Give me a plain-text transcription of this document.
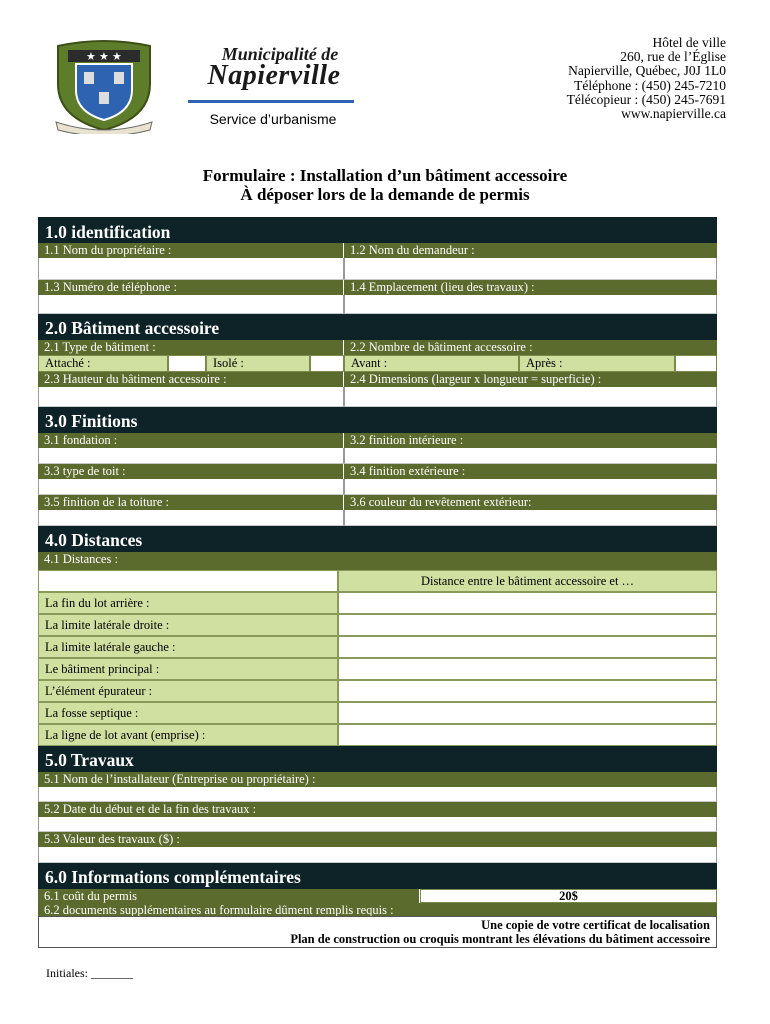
★ ★ ★	Municipalité de
Napierville
Service d’urbanisme
Hôtel de ville
260, rue de l’Église
Napierville, Québec, J0J 1L0
Téléphone : (450) 245-7210
Télécopieur : (450) 245-7691
www.napierville.ca
Formulaire : Installation d’un bâtiment accessoire
À déposer lors de la demande de permis
1.0 identification
1.1 Nom du propriétaire :	1.2 Nom du demandeur :
1.3 Numéro de téléphone :	1.4 Emplacement (lieu des travaux) :
2.0 Bâtiment accessoire
2.1 Type de bâtiment :	2.2 Nombre de bâtiment accessoire :
Attaché :	Isolé :	Avant :	Après :
2.3 Hauteur du bâtiment accessoire :	2.4 Dimensions (largeur x longueur = superficie) :
3.0 Finitions
3.1 fondation :	3.2 finition intérieure :
3.3 type de toit :	3.4 finition extérieure :
3.5 finition de la toiture :	3.6 couleur du revêtement extérieur:
4.0 Distances
4.1 Distances :
Distance entre le bâtiment accessoire et …
La fin du lot arrière :
La limite latérale droite :
La limite latérale gauche :
Le bâtiment principal :
L’élément épurateur :
La fosse septique :
La ligne de lot avant (emprise) :
5.0 Travaux
5.1 Nom de l’installateur (Entreprise ou propriétaire) :
5.2 Date du début et de la fin des travaux :
5.3 Valeur des travaux ($) :
6.0 Informations complémentaires
6.1 coût du permis	20$
6.2 documents supplémentaires au formulaire dûment remplis requis :
Une copie de votre certificat de localisation
Plan de construction ou croquis montrant les élévations du bâtiment accessoire
Initiales: _______
